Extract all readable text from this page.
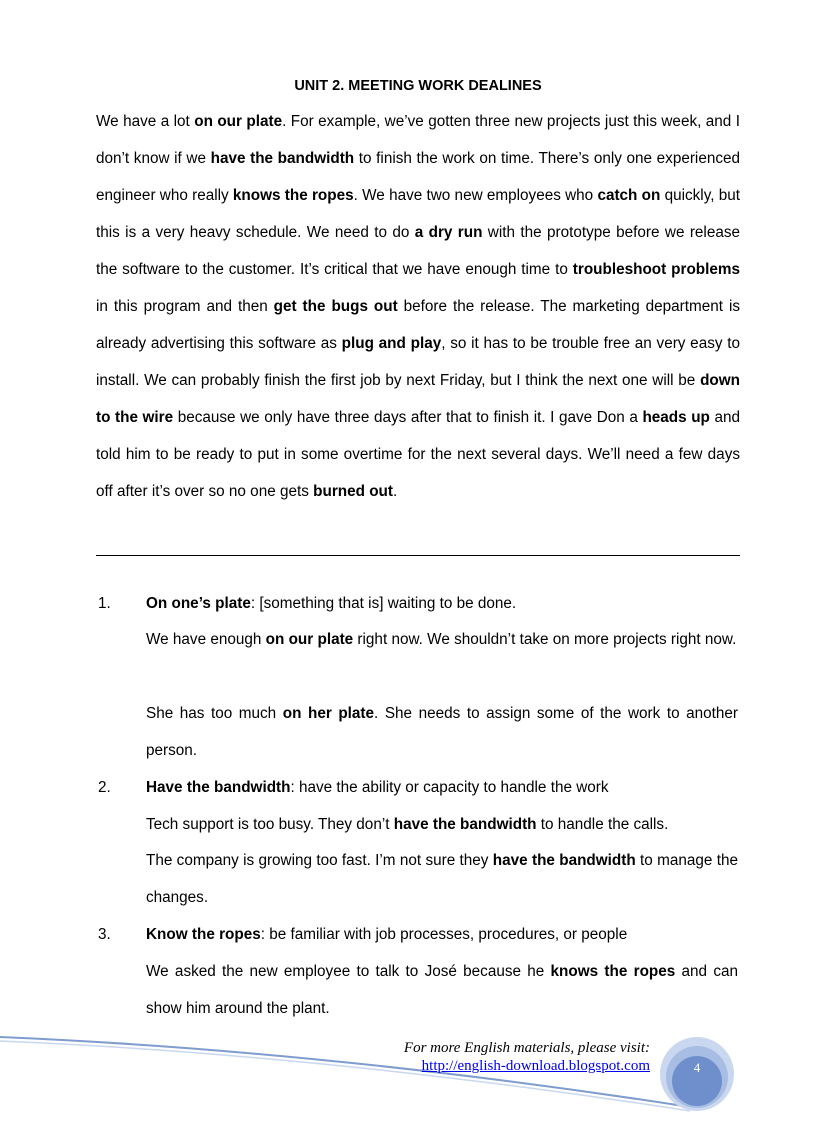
UNIT 2. MEETING WORK DEALINES

We have a lot on our plate. For example, we’ve gotten three new projects just this week, and I don’t know if we have the bandwidth to finish the work on time. There’s only one experienced engineer who really knows the ropes. We have two new employees who catch on quickly, but this is a very heavy schedule. We need to do a dry run with the prototype before we release the software to the customer. It’s critical that we have enough time to troubleshoot problems in this program and then get the bugs out before the release. The marketing department is already advertising this software as plug and play, so it has to be trouble free an very easy to install. We can probably finish the first job by next Friday, but I think the next one will be down to the wire because we only have three days after that to finish it. I gave Don a heads up and told him to be ready to put in some overtime for the next several days. We’ll need a few days off after it’s over so no one gets burned out.

1. On one’s plate: [something that is] waiting to be done.

We have enough on our plate right now. We shouldn’t take on more projects right now.

She has too much on her plate. She needs to assign some of the work to another person.

2. Have the bandwidth: have the ability or capacity to handle the work

Tech support is too busy. They don’t have the bandwidth to handle the calls.

The company is growing too fast. I’m not sure they have the bandwidth to manage the changes.

3. Know the ropes: be familiar with job processes, procedures, or people

We asked the new employee to talk to José because he knows the ropes and can show him around the plant.

4
For more English materials, please visit:
http://english-download.blogspot.com
